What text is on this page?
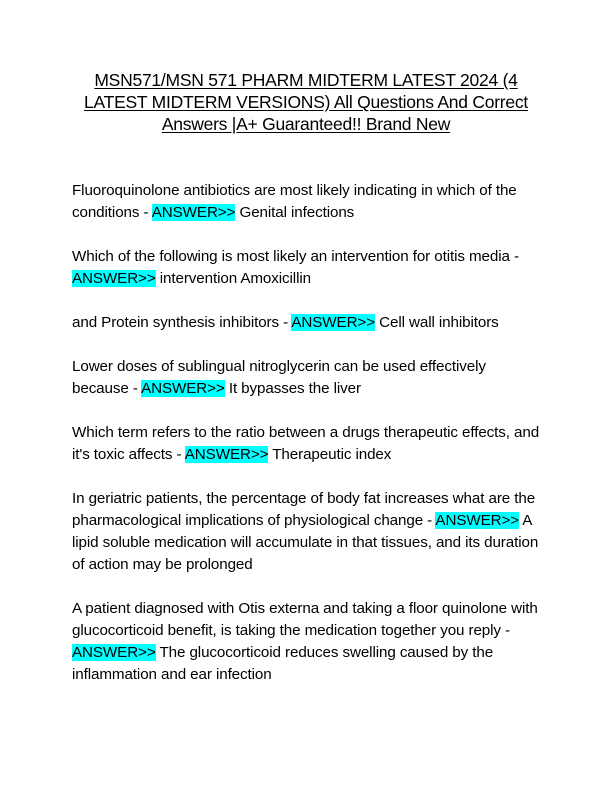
MSN571/MSN 571 PHARM MIDTERM LATEST 2024 (4 LATEST MIDTERM VERSIONS) All Questions And Correct Answers |A+ Guaranteed!! Brand New

Fluoroquinolone antibiotics are most likely indicating in which of the conditions - ANSWER>> Genital infections

Which of the following is most likely an intervention for otitis media - ANSWER>> intervention Amoxicillin

and Protein synthesis inhibitors - ANSWER>> Cell wall inhibitors

Lower doses of sublingual nitroglycerin can be used effectively because - ANSWER>> It bypasses the liver

Which term refers to the ratio between a drugs therapeutic effects, and it's toxic affects - ANSWER>> Therapeutic index

In geriatric patients, the percentage of body fat increases what are the pharmacological implications of physiological change - ANSWER>> A lipid soluble medication will accumulate in that tissues, and its duration of action may be prolonged

A patient diagnosed with Otis externa and taking a floor quinolone with glucocorticoid benefit, is taking the medication together you reply - ANSWER>> The glucocorticoid reduces swelling caused by the inflammation and ear infection
